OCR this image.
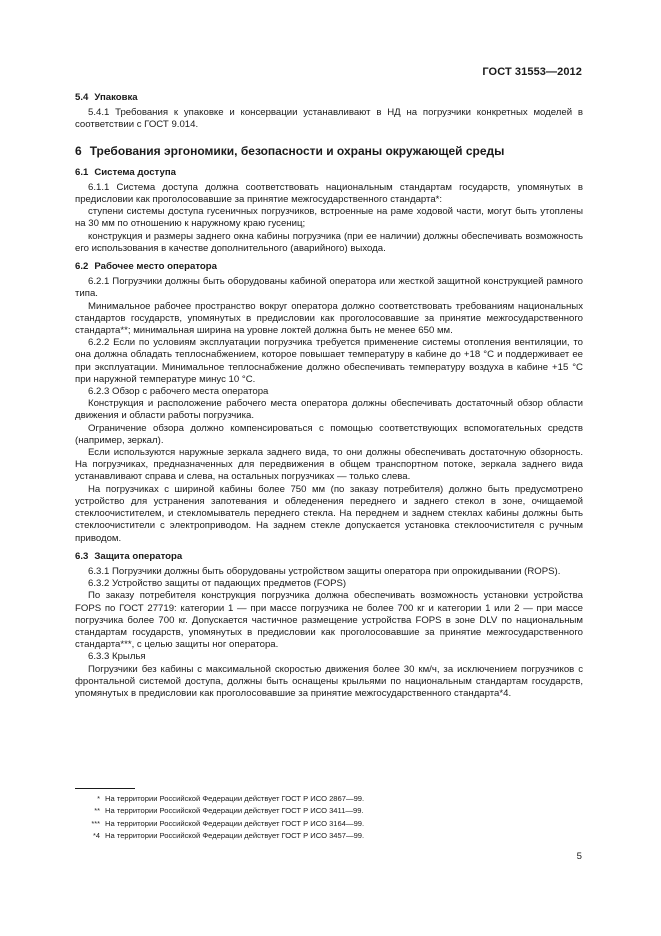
ГОСТ 31553—2012

5.4 Упаковка

5.4.1 Требования к упаковке и консервации устанавливают в НД на погрузчики конкретных моделей в соответствии с ГОСТ 9.014.

6 Требования эргономики, безопасности и охраны окружающей среды

6.1 Система доступа

6.1.1 Система доступа должна соответствовать национальным стандартам государств, упомянутых в предисловии как проголосовавшие за принятие межгосударственного стандарта*:

ступени системы доступа гусеничных погрузчиков, встроенные на раме ходовой части, могут быть утоплены на 30 мм по отношению к наружному краю гусениц;

конструкция и размеры заднего окна кабины погрузчика (при ее наличии) должны обеспечивать возможность его использования в качестве дополнительного (аварийного) выхода.

6.2 Рабочее место оператора

6.2.1 Погрузчики должны быть оборудованы кабиной оператора или жесткой защитной конструкцией рамного типа.

Минимальное рабочее пространство вокруг оператора должно соответствовать требованиям национальных стандартов государств, упомянутых в предисловии как проголосовавшие за принятие межгосударственного стандарта**; минимальная ширина на уровне локтей должна быть не менее 650 мм.

6.2.2 Если по условиям эксплуатации погрузчика требуется применение системы отопления вентиляции, то она должна обладать теплоснабжением, которое повышает температуру в кабине до +18 °С и поддерживает ее при эксплуатации. Минимальное теплоснабжение должно обеспечивать температуру воздуха в кабине +15 °С при наружной температуре минус 10 °С.

6.2.3 Обзор с рабочего места оператора

Конструкция и расположение рабочего места оператора должны обеспечивать достаточный обзор области движения и области работы погрузчика.

Ограничение обзора должно компенсироваться с помощью соответствующих вспомогательных средств (например, зеркал).

Если используются наружные зеркала заднего вида, то они должны обеспечивать достаточную обзорность. На погрузчиках, предназначенных для передвижения в общем транспортном потоке, зеркала заднего вида устанавливают справа и слева, на остальных погрузчиках — только слева.

На погрузчиках с шириной кабины более 750 мм (по заказу потребителя) должно быть предусмотрено устройство для устранения запотевания и обледенения переднего и заднего стекол в зоне, очищаемой стеклоочистителем, и стекломыватель переднего стекла. На переднем и заднем стеклах кабины должны быть стеклоочистители с электроприводом. На заднем стекле допускается установка стеклоочистителя с ручным приводом.

6.3 Защита оператора

6.3.1 Погрузчики должны быть оборудованы устройством защиты оператора при опрокидывании (ROPS).

6.3.2 Устройство защиты от падающих предметов (FOPS)

По заказу потребителя конструкция погрузчика должна обеспечивать возможность установки устройства FOPS по ГОСТ 27719: категории 1 — при массе погрузчика не более 700 кг и категории 1 или 2 — при массе погрузчика более 700 кг. Допускается частичное размещение устройства FOPS в зоне DLV по национальным стандартам государств, упомянутых в предисловии как проголосовавшие за принятие межгосударственного стандарта***, с целью защиты ног оператора.

6.3.3 Крылья

Погрузчики без кабины с максимальной скоростью движения более 30 км/ч, за исключением погрузчиков с фронтальной системой доступа, должны быть оснащены крыльями по национальным стандартам государств, упомянутых в предисловии как проголосовавшие за принятие межгосударственного стандарта*4.

* На территории Российской Федерации действует ГОСТ Р ИСО 2867—99.
** На территории Российской Федерации действует ГОСТ Р ИСО 3411—99.
*** На территории Российской Федерации действует ГОСТ Р ИСО 3164—99.
*4 На территории Российской Федерации действует ГОСТ Р ИСО 3457—99.
5
